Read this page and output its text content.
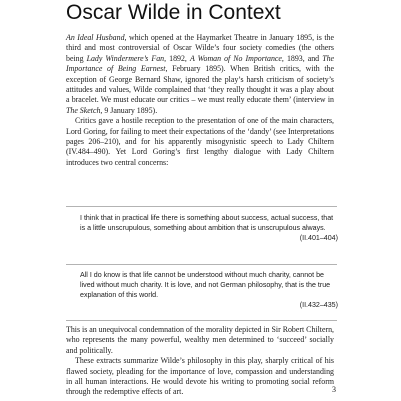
Oscar Wilde in Context

An Ideal Husband, which opened at the Haymarket Theatre in January 1895, is the third and most controversial of Oscar Wilde’s four society comedies (the others being Lady Windermere’s Fan, 1892, A Woman of No Importance, 1893, and The Importance of Being Earnest, February 1895). When British critics, with the exception of George Bernard Shaw, ignored the play’s harsh criticism of society’s attitudes and values, Wilde complained that ‘they really thought it was a play about a bracelet. We must educate our critics – we must really educate them’ (interview in The Sketch, 9 January 1895).

Critics gave a hostile reception to the presentation of one of the main characters, Lord Goring, for failing to meet their expectations of the ‘dandy’ (see Interpretations pages 206–210), and for his apparently misogynistic speech to Lady Chiltern (IV.484–490). Yet Lord Goring’s first lengthy dialogue with Lady Chiltern introduces two central concerns:

I think that in practical life there is something about success, actual success, that is a little unscrupulous, something about ambition that is unscrupulous always.

(II.401–404)

All I do know is that life cannot be understood without much charity, cannot be lived without much charity. It is love, and not German philosophy, that is the true explanation of this world.

(II.432–435)

This is an unequivocal condemnation of the morality depicted in Sir Robert Chiltern, who represents the many powerful, wealthy men determined to ‘succeed’ socially and politically.

These extracts summarize Wilde’s philosophy in this play, sharply critical of his flawed society, pleading for the importance of love, compassion and understanding in all human interactions. He would devote his writing to promoting social reform through the redemptive effects of art.	3
